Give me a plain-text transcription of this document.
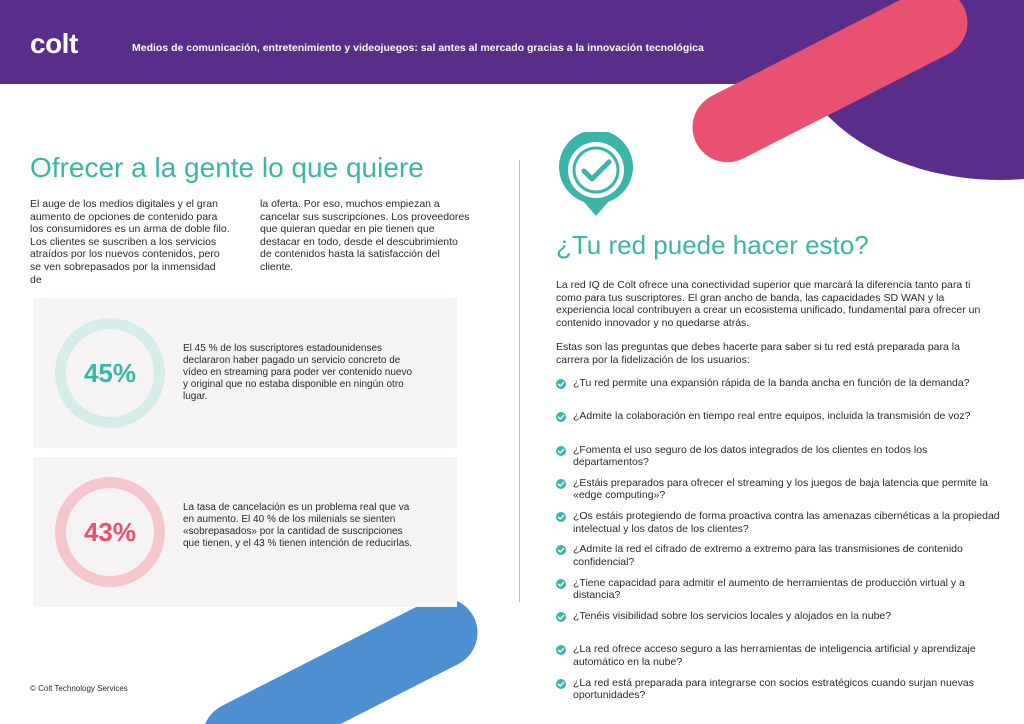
colt	Medios de comunicación, entretenimiento y videojuegos: sal antes al mercado gracias a la innovación tecnológica
Ofrecer a la gente lo que quiere

El auge de los medios digitales y el gran aumento de opciones de contenido para los consumidores es un arma de doble filo. Los clientes se suscriben a los servicios atraídos por los nuevos contenidos, pero se ven sobrepasados por la inmensidad de

la oferta. Por eso, muchos empiezan a cancelar sus suscripciones. Los proveedores que quieran quedar en pie tienen que destacar en todo, desde el descubrimiento de contenidos hasta la satisfacción del cliente.

45%

El 45 % de los suscriptores estadounidenses declararon haber pagado un servicio concreto de vídeo en streaming para poder ver contenido nuevo y original que no estaba disponible en ningún otro lugar.

43%

La tasa de cancelación es un problema real que va en aumento. El 40 % de los milenials se sienten «sobrepasados» por la cantidad de suscripciones que tienen, y el 43 % tienen intención de reducirlas.

© Colt Technology Services
¿Tu red puede hacer esto?

La red IQ de Colt ofrece una conectividad superior que marcará la diferencia tanto para ti como para tus suscriptores. El gran ancho de banda, las capacidades SD WAN y la experiencia local contribuyen a crear un ecosistema unificado, fundamental para ofrecer un contenido innovador y no quedarse atrás.

Estas son las preguntas que debes hacerte para saber si tu red está preparada para la carrera por la fidelización de los usuarios:

¿Tu red permite una expansión rápida de la banda ancha en función de la demanda?
¿Admite la colaboración en tiempo real entre equipos, incluida la transmisión de voz?
¿Fomenta el uso seguro de los datos integrados de los clientes en todos los departamentos?
¿Estáis preparados para ofrecer el streaming y los juegos de baja latencia que permite la «edge computing»?
¿Os estáis protegiendo de forma proactiva contra las amenazas cibernéticas a la propiedad intelectual y los datos de los clientes?
¿Admite la red el cifrado de extremo a extremo para las transmisiones de contenido confidencial?
¿Tiene capacidad para admitir el aumento de herramientas de producción virtual y a distancia?
¿Tenéis visibilidad sobre los servicios locales y alojados en la nube?
¿La red ofrece acceso seguro a las herramientas de inteligencia artificial y aprendizaje automático en la nube?
¿La red está preparada para integrarse con socios estratégicos cuando surjan nuevas oportunidades?
